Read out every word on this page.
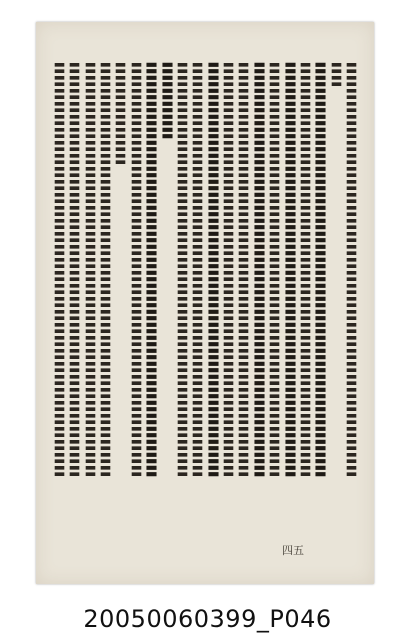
〓〓〓〓〓〓〓〓〓〓〓〓〓〓〓〓〓〓〓〓〓〓〓〓〓〓〓〓〓〓〓〓
〓〓
〓〓〓〓〓〓〓〓〓〓〓〓〓〓〓〓〓〓〓〓〓〓〓〓〓〓〓〓〓〓〓〓
〓〓〓〓〓〓〓〓〓〓〓〓〓〓〓〓〓〓〓〓〓〓〓〓〓〓〓〓〓〓〓〓
〓〓〓〓〓〓〓〓〓〓〓〓〓〓〓〓〓〓〓〓〓〓〓〓〓〓〓〓〓〓〓〓
〓〓〓〓〓〓〓〓〓〓〓〓〓〓〓〓〓〓〓〓〓〓〓〓〓〓〓〓〓〓〓〓
〓〓〓〓〓〓〓〓〓〓〓〓〓〓〓〓〓〓〓〓〓〓〓〓〓〓〓〓〓〓〓〓
〓〓〓〓〓〓〓〓〓〓〓〓〓〓〓〓〓〓〓〓〓〓〓〓〓〓〓〓〓〓〓〓
〓〓〓〓〓〓〓〓〓〓〓〓〓〓〓〓〓〓〓〓〓〓〓〓〓〓〓〓〓〓〓〓
〓〓〓〓〓〓〓〓〓〓〓〓〓〓〓〓〓〓〓〓〓〓〓〓〓〓〓〓〓〓〓〓
〓〓〓〓〓〓〓〓〓〓〓〓〓〓〓〓〓〓〓〓〓〓〓〓〓〓〓〓〓〓〓〓
〓〓〓〓〓〓〓〓〓〓〓〓〓〓〓〓〓〓〓〓〓〓〓〓〓〓〓〓〓〓〓〓
〓〓〓〓〓〓
〓〓〓〓〓〓〓〓〓〓〓〓〓〓〓〓〓〓〓〓〓〓〓〓〓〓〓〓〓〓〓〓
〓〓〓〓〓〓〓〓〓〓〓〓〓〓〓〓〓〓〓〓〓〓〓〓〓〓〓〓〓〓〓〓
〓〓〓〓〓〓〓〓
〓〓〓〓〓〓〓〓〓〓〓〓〓〓〓〓〓〓〓〓〓〓〓〓〓〓〓〓〓〓〓〓
〓〓〓〓〓〓〓〓〓〓〓〓〓〓〓〓〓〓〓〓〓〓〓〓〓〓〓〓〓〓〓〓
〓〓〓〓〓〓〓〓〓〓〓〓〓〓〓〓〓〓〓〓〓〓〓〓〓〓〓〓〓〓〓〓
〓〓〓〓〓〓〓〓〓〓〓〓〓〓〓〓〓〓〓〓〓〓〓〓〓〓〓〓〓〓〓〓
四五
20050060399_P046
